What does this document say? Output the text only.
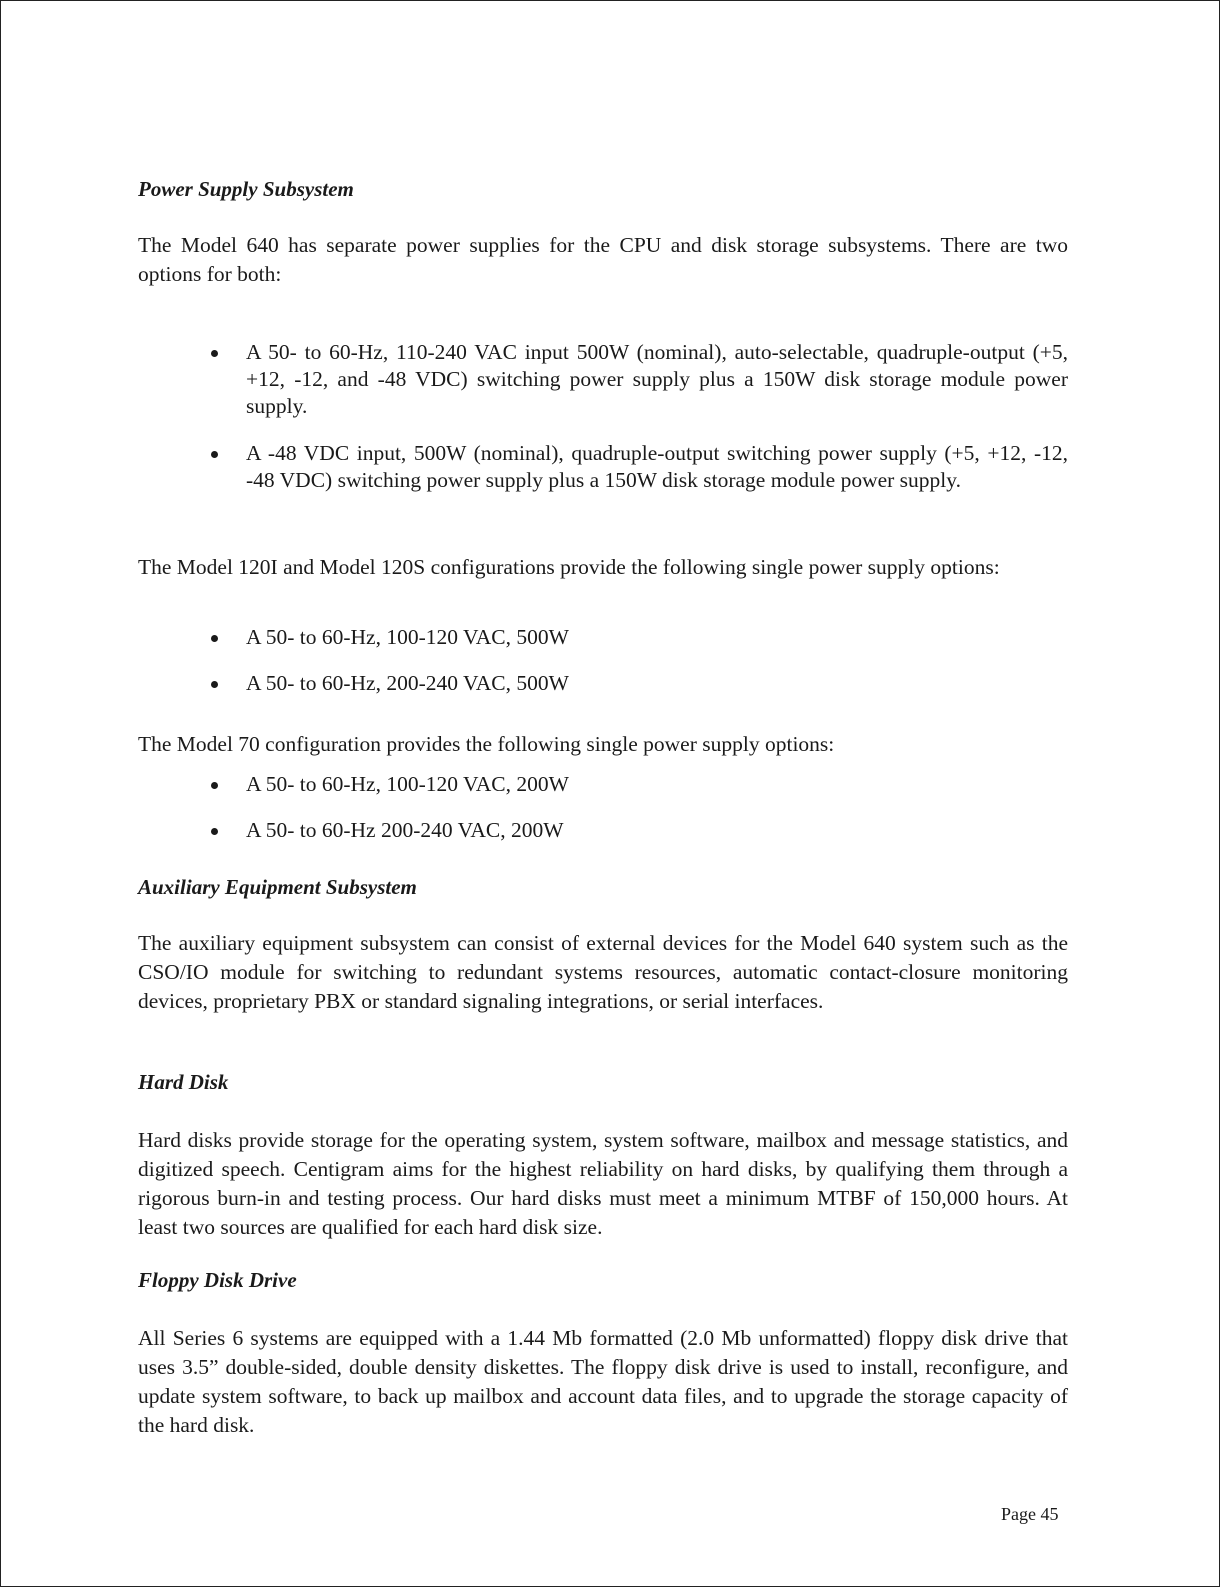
Power Supply Subsystem

The Model 640 has separate power supplies for the CPU and disk storage subsystems. There are two options for both:

A 50- to 60-Hz, 110-240 VAC input 500W (nominal), auto-selectable, quadruple-output (+5, +12, -12, and -48 VDC) switching power supply plus a 150W disk storage module power supply.
A -48 VDC input, 500W (nominal), quadruple-output switching power supply (+5, +12, -12, -48 VDC) switching power supply plus a 150W disk storage module power supply.

The Model 120I and Model 120S configurations provide the following single power supply options:

A 50- to 60-Hz, 100-120 VAC, 500W
A 50- to 60-Hz, 200-240 VAC, 500W

The Model 70 configuration provides the following single power supply options:

A 50- to 60-Hz, 100-120 VAC, 200W
A 50- to 60-Hz 200-240 VAC, 200W
Auxiliary Equipment Subsystem

The auxiliary equipment subsystem can consist of external devices for the Model 640 system such as the CSO/IO module for switching to redundant systems resources, automatic contact-closure monitoring devices, proprietary PBX or standard signaling integrations, or serial interfaces.

Hard Disk

Hard disks provide storage for the operating system, system software, mailbox and message statistics, and digitized speech. Centigram aims for the highest reliability on hard disks, by qualifying them through a rigorous burn-in and testing process. Our hard disks must meet a minimum MTBF of 150,000 hours. At least two sources are qualified for each hard disk size.

Floppy Disk Drive

All Series 6 systems are equipped with a 1.44 Mb formatted (2.0 Mb unformatted) floppy disk drive that uses 3.5” double-sided, double density diskettes. The floppy disk drive is used to install, reconfigure, and update system software, to back up mailbox and account data files, and to upgrade the storage capacity of the hard disk.

Page 45
